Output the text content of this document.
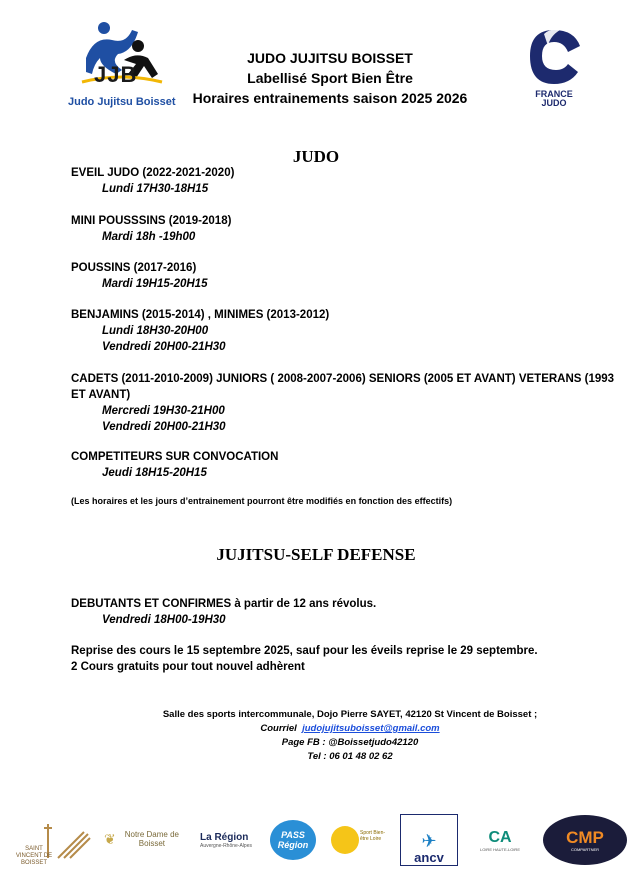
JJB
Judo Jujitsu Boisset
JUDO JUJITSU BOISSET
Labellisé Sport Bien Être
Horaires entrainements saison 2025 2026	FRANCE
JUDO
JUDO
EVEIL JUDO (2022-2021-2020)
Lundi 17H30-18H15
MINI POUSSSINS (2019-2018)
Mardi 18h -19h00
POUSSINS (2017-2016)
Mardi 19H15-20H15
BENJAMINS (2015-2014) , MINIMES (2013-2012)
Lundi 18H30-20H00
Vendredi 20H00-21H30
CADETS (2011-2010-2009) JUNIORS ( 2008-2007-2006) SENIORS (2005 ET AVANT) VETERANS (1993 ET AVANT)
Mercredi 19H30-21H00
Vendredi 20H00-21H30
COMPETITEURS SUR CONVOCATION
Jeudi 18H15-20H15
(Les horaires et les jours d’entrainement pourront être modifiés en fonction des effectifs)
JUJITSU-SELF DEFENSE
DEBUTANTS ET CONFIRMES à partir de 12 ans révolus.
Vendredi 18H00-19H30
Reprise des cours le 15 septembre 2025, sauf pour les éveils reprise le 29 septembre.
2 Cours gratuits pour tout nouvel adhèrent
Salle des sports intercommunale, Dojo Pierre SAYET, 42120 St Vincent de Boisset ;
Courriel judojujitsuboisset@gmail.com
Page FB : @Boissetjudo42120
Tel : 06 01 48 02 62
SAINT VINCENT DE BOISSET
❦	Notre Dame de Boisset
La Région
Auvergne-Rhône-Alpes
PASS
Région
Sport Bien-être Loire	✈
ancv
CA
LOIRE HAUTE-LOIRE
CMP
COMPARTNER
